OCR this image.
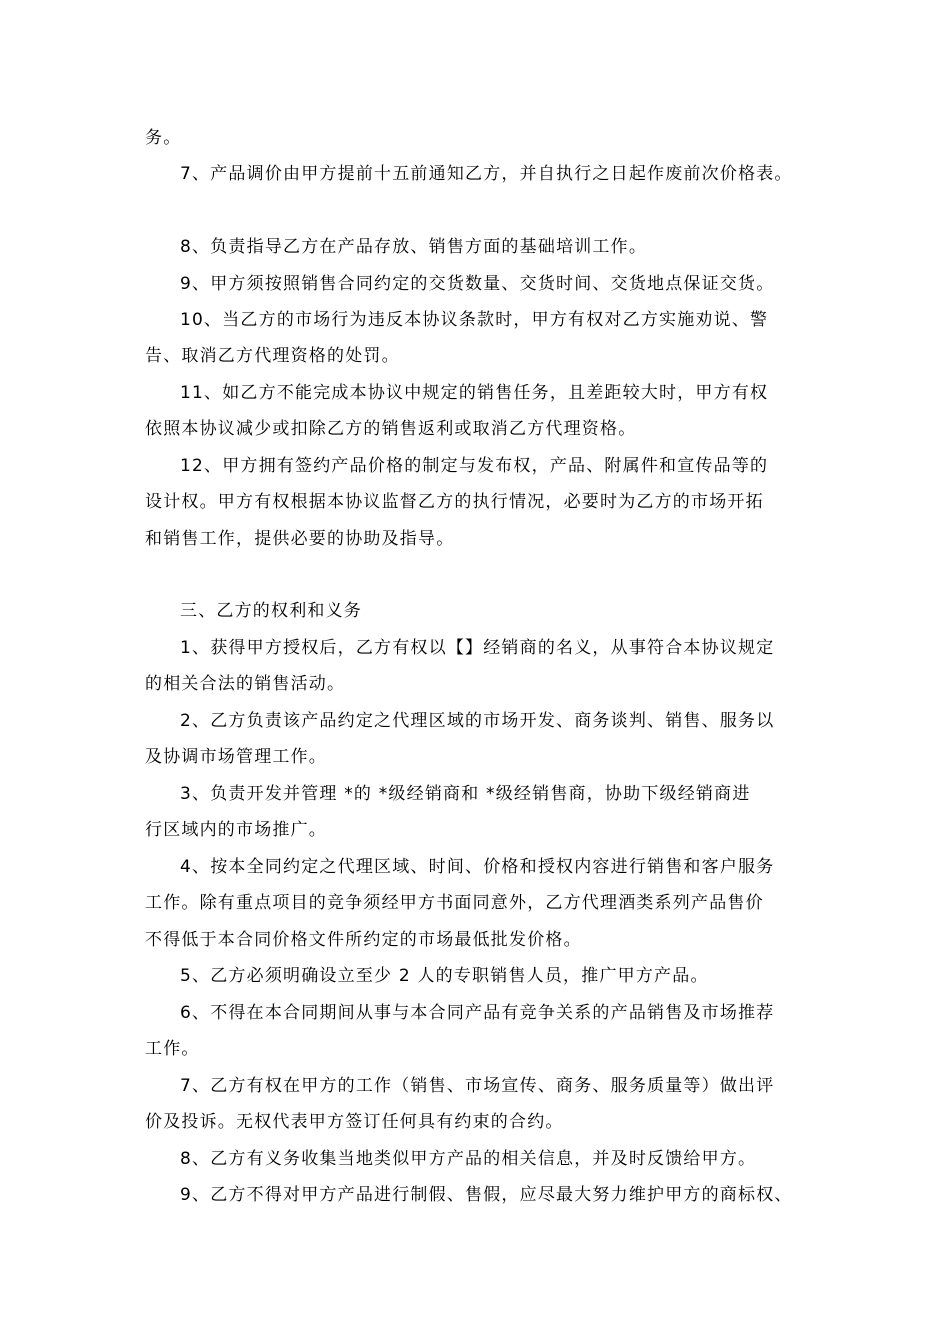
务。

7、产品调价由甲方提前十五前通知乙方，并自执行之日起作废前次价格表。

8、负责指导乙方在产品存放、销售方面的基础培训工作。

9、甲方须按照销售合同约定的交货数量、交货时间、交货地点保证交货。

10、当乙方的市场行为违反本协议条款时，甲方有权对乙方实施劝说、警

告、取消乙方代理资格的处罚。

11、如乙方不能完成本协议中规定的销售任务，且差距较大时，甲方有权

依照本协议减少或扣除乙方的销售返利或取消乙方代理资格。

12、甲方拥有签约产品价格的制定与发布权，产品、附属件和宣传品等的

设计权。甲方有权根据本协议监督乙方的执行情况，必要时为乙方的市场开拓

和销售工作，提供必要的协助及指导。

三、乙方的权利和义务

1、获得甲方授权后，乙方有权以【】经销商的名义，从事符合本协议规定

的相关合法的销售活动。

2、乙方负责该产品约定之代理区域的市场开发、商务谈判、销售、服务以

及协调市场管理工作。

3、负责开发并管理 *的 *级经销商和 *级经销售商，协助下级经销商进

行区域内的市场推广。

4、按本全同约定之代理区域、时间、价格和授权内容进行销售和客户服务

工作。除有重点项目的竞争须经甲方书面同意外，乙方代理酒类系列产品售价

不得低于本合同价格文件所约定的市场最低批发价格。

5、乙方必须明确设立至少 2 人的专职销售人员，推广甲方产品。

6、不得在本合同期间从事与本合同产品有竞争关系的产品销售及市场推荐

工作。

7、乙方有权在甲方的工作（销售、市场宣传、商务、服务质量等）做出评

价及投诉。无权代表甲方签订任何具有约束的合约。

8、乙方有义务收集当地类似甲方产品的相关信息，并及时反馈给甲方。

9、乙方不得对甲方产品进行制假、售假，应尽最大努力维护甲方的商标权、
